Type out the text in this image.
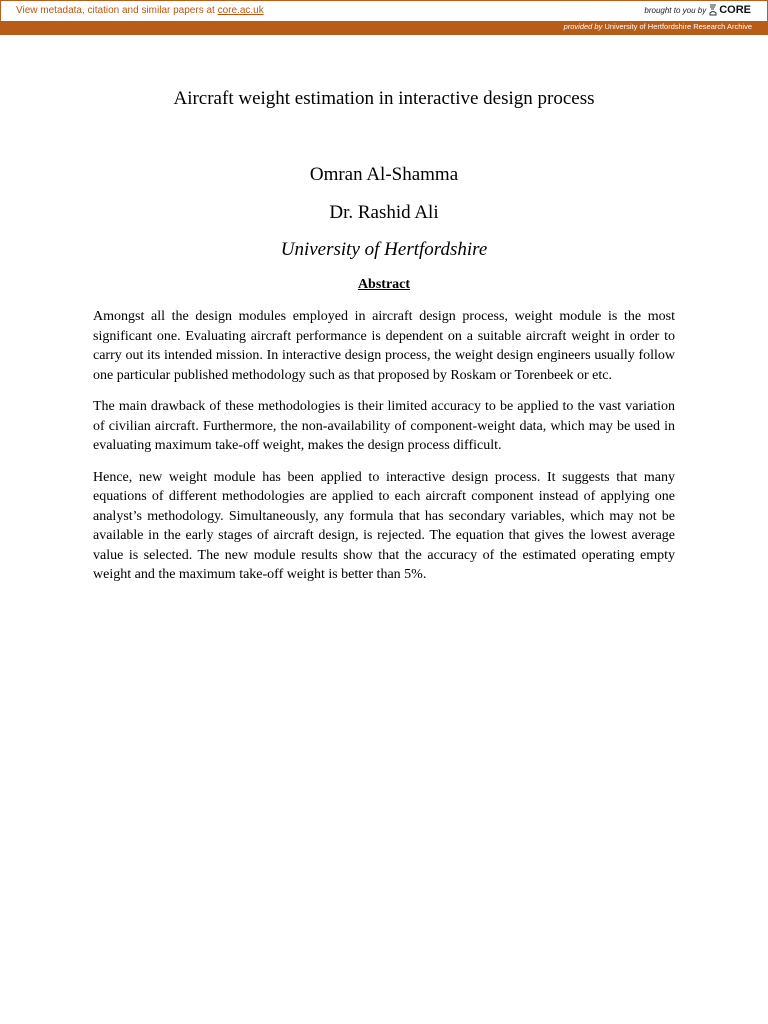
View metadata, citation and similar papers at core.ac.uk	brought to you by CORE
provided by University of Hertfordshire Research Archive
Aircraft weight estimation in interactive design process
Omran Al-Shamma
Dr. Rashid Ali
University of Hertfordshire
Abstract

Amongst all the design modules employed in aircraft design process, weight module is the most significant one. Evaluating aircraft performance is dependent on a suitable aircraft weight in order to carry out its intended mission. In interactive design process, the weight design engineers usually follow one particular published methodology such as that proposed by Roskam or Torenbeek or etc.

The main drawback of these methodologies is their limited accuracy to be applied to the vast variation of civilian aircraft. Furthermore, the non-availability of component-weight data, which may be used in evaluating maximum take-off weight, makes the design process difficult.

Hence, new weight module has been applied to interactive design process. It suggests that many equations of different methodologies are applied to each aircraft component instead of applying one analyst’s methodology. Simultaneously, any formula that has secondary variables, which may not be available in the early stages of aircraft design, is rejected. The equation that gives the lowest average value is selected. The new module results show that the accuracy of the estimated operating empty weight and the maximum take-off weight is better than 5%.
